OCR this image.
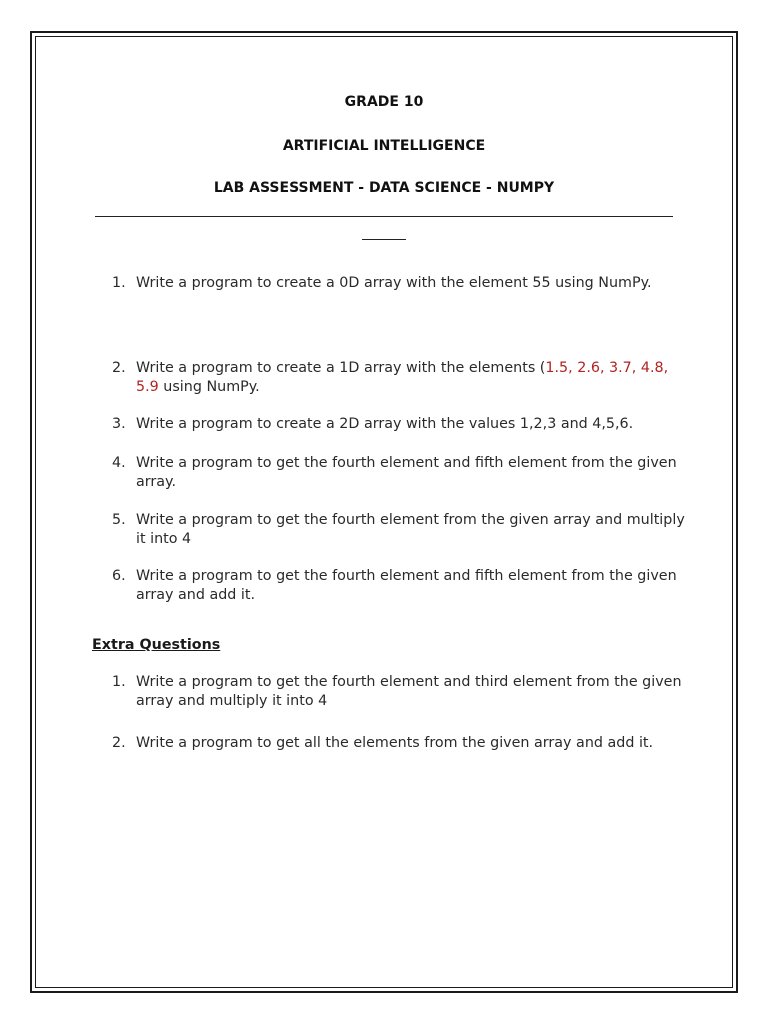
GRADE 10
ARTIFICIAL INTELLIGENCE
LAB ASSESSMENT - DATA SCIENCE - NUMPY
1. Write a program to create a 0D array with the element 55 using NumPy.
2. Write a program to create a 1D array with the elements (1.5, 2.6, 3.7, 4.8, 5.9 using NumPy.
3. Write a program to create a 2D array with the values 1,2,3 and 4,5,6.
4. Write a program to get the fourth element and fifth element from the given array.
5. Write a program to get the fourth element from the given array and multiply it into 4
6. Write a program to get the fourth element and fifth element from the given array and add it.
Extra Questions
1. Write a program to get the fourth element and third element from the given array and multiply it into 4
2. Write a program to get all the elements from the given array and add it.
